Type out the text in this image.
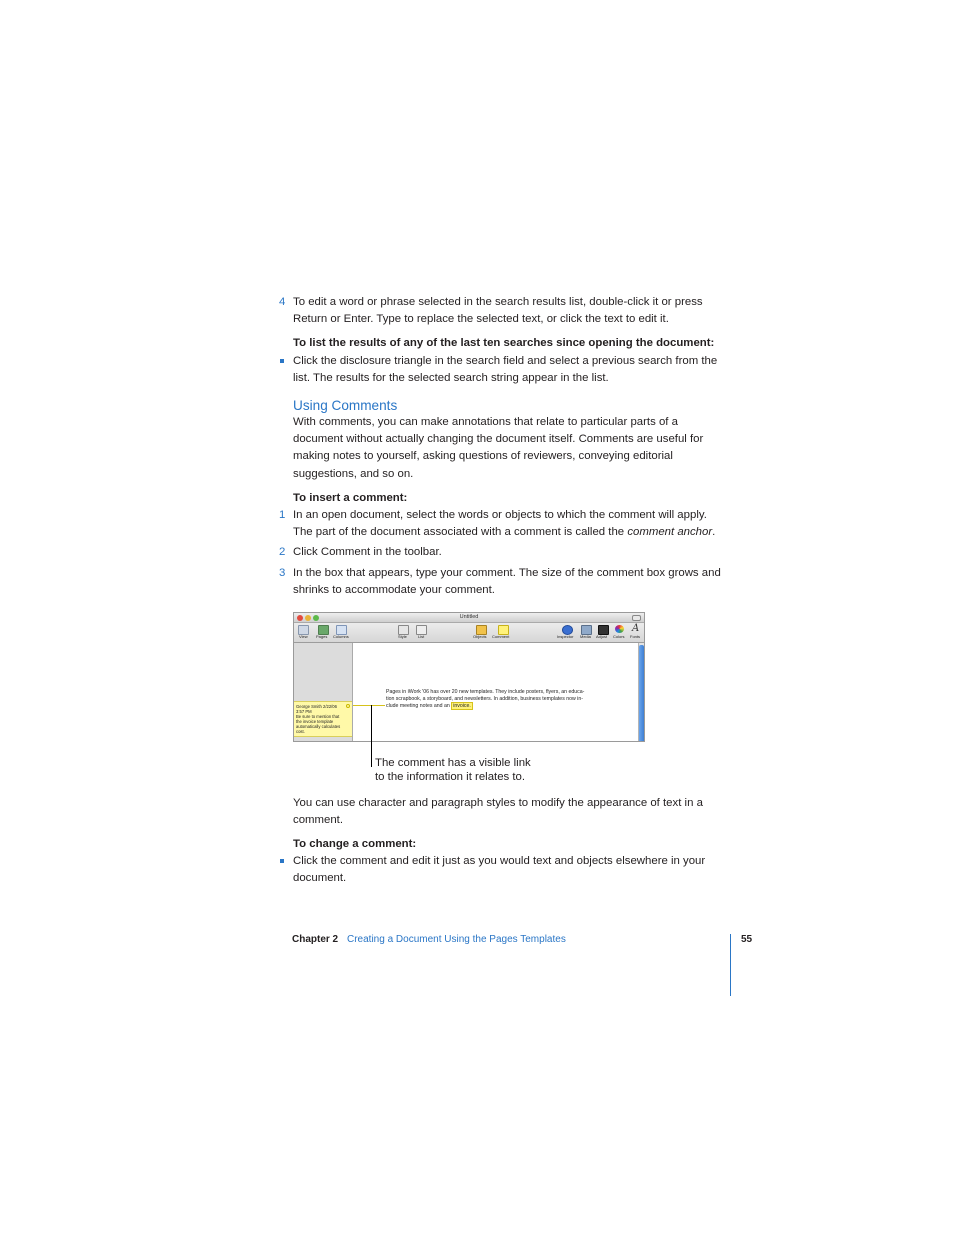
4 To edit a word or phrase selected in the search results list, double-click it or press
Return or Enter. Type to replace the selected text, or click the text to edit it.
To list the results of any of the last ten searches since opening the document:
Click the disclosure triangle in the search field and select a previous search from the
list. The results for the selected search string appear in the list.
Using Comments
With comments, you can make annotations that relate to particular parts of a
document without actually changing the document itself. Comments are useful for
making notes to yourself, asking questions of reviewers, conveying editorial
suggestions, and so on.
To insert a comment:
1 In an open document, select the words or objects to which the comment will apply.
The part of the document associated with a comment is called the comment anchor.
2 Click Comment in the toolbar.
3 In the box that appears, type your comment. The size of the comment box grows and
shrinks to accommodate your comment.
Untitled
View Pages Columns	Style	List	Objects Comment	Inspector Media Adjust Colors
A
Fonts
George Smith 2/22/06
3:57 PM
Be sure to mention that
the invoice template
automatically calculates
cost.
Pages in iWork '06 has over 20 new templates. They include posters, flyers, an educa-
tion scrapbook, a storyboard, and newsletters. In addition, business templates now in-
clude meeting notes and an invoice.
The comment has a visible link
to the information it relates to.
You can use character and paragraph styles to modify the appearance of text in a
comment.
To change a comment:
Click the comment and edit it just as you would text and objects elsewhere in your
document.
Chapter 2 Creating a Document Using the Pages Templates	55
